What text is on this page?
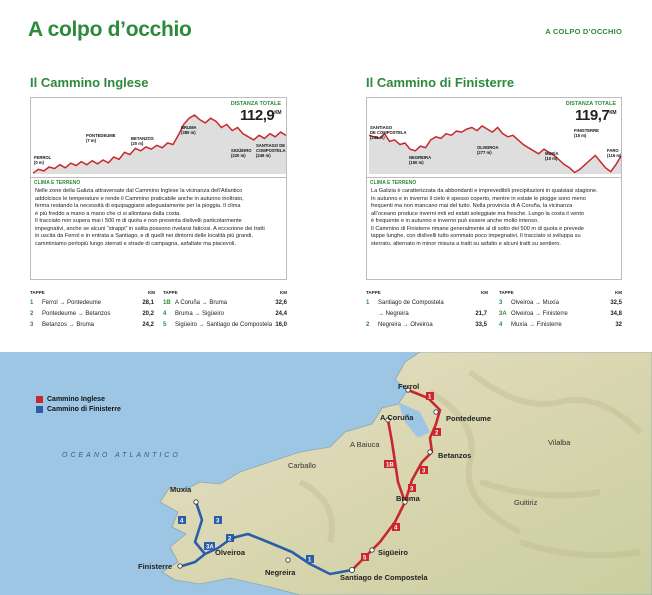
A colpo d’occhio	A COLPO D’OCCHIO
Il Cammino Inglese
FERROL
(0 m)
PONTEDEUME
(7 m)	BETANZOS
(20 m)
BRUMA
(380 m)
SIGÜEIRO
(220 m)
SANTIAGO DE
COMPOSTELA
(249 m)
DISTANZA TOTALE
$112,9^{KM}$
CLIMA E TERRENO
Nelle zone della Galizia attraversate dal Cammino Inglese la vicinanza dell’Atlantico
addolcisce le temperature e rende il Cammino praticabile anche in autunno inoltrato,
ferma restando la necessità di equipaggiarsi adeguatamente per la pioggia. Il clima
è più freddo a mano a mano che ci si allontana dalla costa.
Il tracciato non supera mai i 500 m di quota e non presenta dislivelli particolarmente
impegnativi, anche se alcuni “strappi” in salita possono rivelarsi faticosi. A eccezione dei tratti
in uscita da Ferrol e in entrata a Santiago, e di quelli nei dintorni delle località più grandi,
camminiamo perlopiù lungo sterrati e strade di campagna, asfaltate ma piacevoli.
TAPPE	KM TAPPE	KM
1 Ferrol → Pontedeume	28,1
2 Pontedeume → Betanzos	20,2
3 Betanzos → Bruma	24,2
1B A Coruña → Bruma	32,6
4 Bruma → Sigüeiro	24,4
5 Sigüeiro → Santiago de Compostela 16,0
Il Cammino di Finisterre
SANTIAGO
DE COMPOSTELA
(249 m)
NEGREIRA
(150 m)
OLVEIROA
(277 m)	MUXÍA
(10 m)
FINISTERRE
(15 m)
FARO
(116 m)
DISTANZA TOTALE
$119,7^{KM}$
CLIMA E TERRENO
La Galizia è caratterizzata da abbondanti e imprevedibili precipitazioni in qualsiasi stagione.
In autunno e in inverno il cielo è spesso coperto, mentre in estate le piogge sono meno
frequenti ma non mancano mai del tutto. Nella provincia di A Coruña, la vicinanza
all’oceano produce inverni miti ed estati soleggiate ma fresche. Lungo la costa il vento
è frequente e in autunno e inverno può essere anche molto intenso.
Il Cammino di Finisterre rimane generalmente al di sotto dei 500 m di quota e prevede
tappe lunghe, con dislivelli tutto sommato poco impegnativi. Il tracciato si sviluppa su
sterrato, alternato in minor misura a tratti su asfalto e alcuni tratti su sentiero.
TAPPE	KM TAPPE	KM
1 Santiago de Compostela
→ Negreira	21,7
2 Negreira → Olveiroa	33,5
3 Olveiroa → Muxía	32,5
3A Olveiroa → Finisterre	34,8
4 Muxía → Finisterre	32
1
2
3
1B
3
4
5
4	3
3A
2
1
Cammino Inglese
Cammino di Finisterre
OCEANO ATLANTICO
Ferrol
Pontedeume
A Coruña
A Baiuca
Betanzos
Vilalba
Carballo
Bruma	Guitiriz
Muxía
Olveiroa
Finisterre
Negreira
Sigüeiro
Santiago de Compostela
